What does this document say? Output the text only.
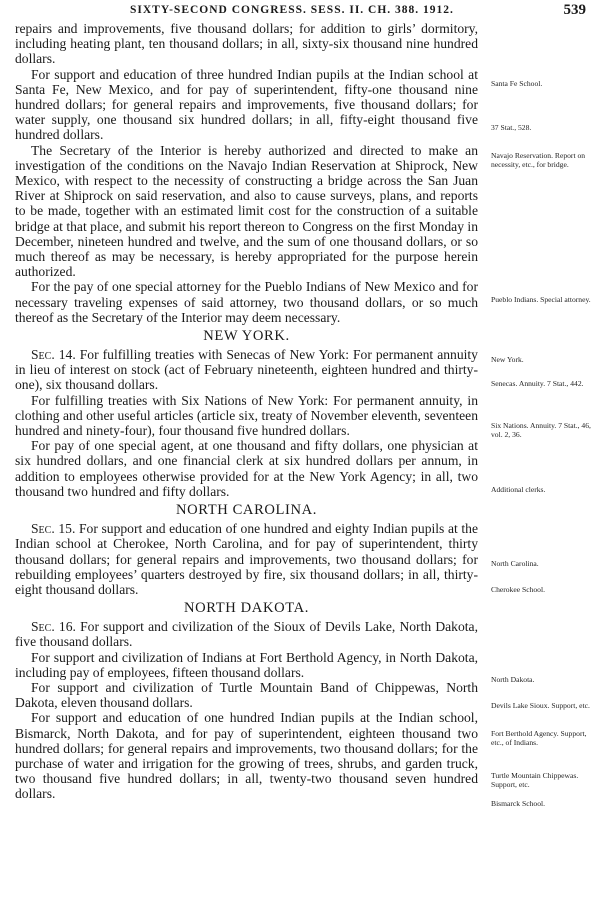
SIXTY-SECOND CONGRESS. SESS. II. CH. 388. 1912.	539

repairs and improvements, five thousand dollars; for addition to girls’ dormitory, including heating plant, ten thousand dollars; in all, sixty-six thousand nine hundred dollars.

For support and education of three hundred Indian pupils at the Indian school at Santa Fe, New Mexico, and for pay of superintendent, fifty-one thousand nine hundred dollars; for general repairs and improvements, five thousand dollars; for water supply, one thousand six hundred dollars; in all, fifty-eight thousand five hundred dollars.

The Secretary of the Interior is hereby authorized and directed to make an investigation of the conditions on the Navajo Indian Reservation at Shiprock, New Mexico, with respect to the necessity of constructing a bridge across the San Juan River at Shiprock on said reservation, and also to cause surveys, plans, and reports to be made, together with an estimated limit cost for the construction of a suitable bridge at that place, and submit his report thereon to Congress on the first Monday in December, nineteen hundred and twelve, and the sum of one thousand dollars, or so much thereof as may be necessary, is hereby appropriated for the purpose herein authorized.

For the pay of one special attorney for the Pueblo Indians of New Mexico and for necessary traveling expenses of said attorney, two thousand dollars, or so much thereof as the Secretary of the Interior may deem necessary.

NEW YORK.

Sec. 14. For fulfilling treaties with Senecas of New York: For permanent annuity in lieu of interest on stock (act of February nineteenth, eighteen hundred and thirty-one), six thousand dollars.

For fulfilling treaties with Six Nations of New York: For permanent annuity, in clothing and other useful articles (article six, treaty of November eleventh, seventeen hundred and ninety-four), four thousand five hundred dollars.

For pay of one special agent, at one thousand and fifty dollars, one physician at six hundred dollars, and one financial clerk at six hundred dollars per annum, in addition to employees otherwise provided for at the New York Agency; in all, two thousand two hundred and fifty dollars.

NORTH CAROLINA.

Sec. 15. For support and education of one hundred and eighty Indian pupils at the Indian school at Cherokee, North Carolina, and for pay of superintendent, thirty thousand dollars; for general repairs and improvements, two thousand dollars; for rebuilding employees’ quarters destroyed by fire, six thousand dollars; in all, thirty-eight thousand dollars.

NORTH DAKOTA.

Sec. 16. For support and civilization of the Sioux of Devils Lake, North Dakota, five thousand dollars.

For support and civilization of Indians at Fort Berthold Agency, in North Dakota, including pay of employees, fifteen thousand dollars.

For support and civilization of Turtle Mountain Band of Chippewas, North Dakota, eleven thousand dollars.

For support and education of one hundred Indian pupils at the Indian school, Bismarck, North Dakota, and for pay of superintendent, eighteen thousand two hundred dollars; for general repairs and improvements, two thousand dollars; for the purchase of water and irrigation for the growing of trees, shrubs, and garden truck, two thousand five hundred dollars; in all, twenty-two thousand seven hundred dollars.

Santa Fe School.
37 Stat., 528.
Navajo Reservation. Report on necessity, etc., for bridge.
Pueblo Indians. Special attorney.
New York.
Senecas. Annuity. 7 Stat., 442.
Six Nations. Annuity. 7 Stat., 46, vol. 2, 36.
Additional clerks.
North Carolina.
Cherokee School.
North Dakota.
Devils Lake Sioux. Support, etc.
Fort Berthold Agency. Support, etc., of Indians.
Turtle Mountain Chippewas. Support, etc.
Bismarck School.
